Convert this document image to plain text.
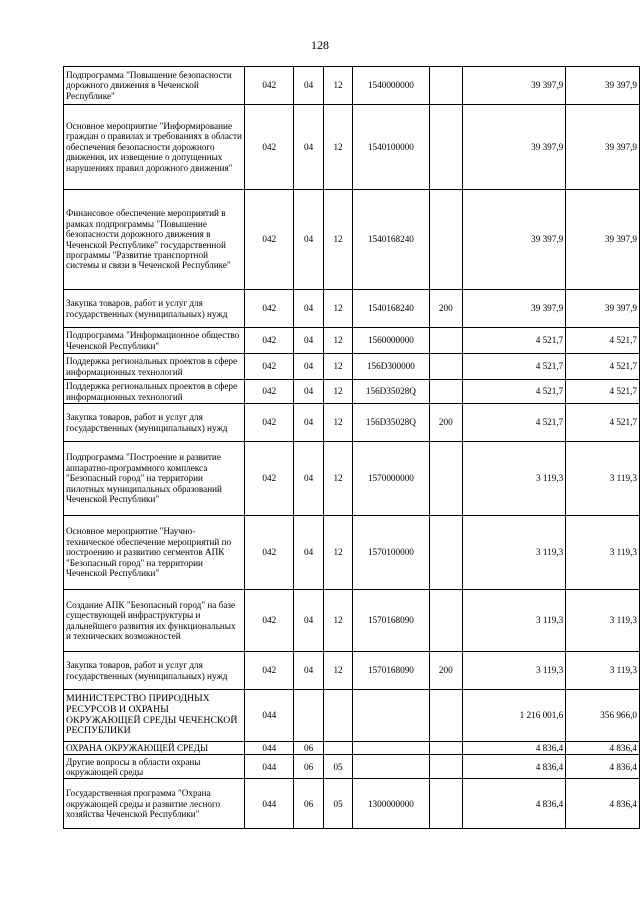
128
Подпрограмма "Повышение безопасности дорожного движения в Чеченской Республике"	042	04	12	1540000000		39 397,9	39 397,9
Основное мероприятие "Информирование граждан о правилах и требованиях в области обеспечения безопасности дорожного движения, их извещение о допущенных нарушениях правил дорожного движения"	042	04	12	1540100000		39 397,9	39 397,9
Финансовое обеспечение мероприятий в рамках подпрограммы "Повышение безопасности дорожного движения в Чеченской Республике" государственной программы "Развитие транспортной системы и связи в Чеченской Республике"	042	04	12	1540168240		39 397,9	39 397,9
Закупка товаров, работ и услуг для государственных (муниципальных) нужд	042	04	12	1540168240	200	39 397,9	39 397,9
Подпрограмма "Информационное общество Чеченской Республики"	042	04	12	1560000000		4 521,7	4 521,7
Поддержка региональных проектов в сфере информационных технологий	042	04	12	156D300000		4 521,7	4 521,7
Поддержка региональных проектов в сфере информационных технологий	042	04	12	156D35028Q		4 521,7	4 521,7
Закупка товаров, работ и услуг для государственных (муниципальных) нужд	042	04	12	156D35028Q	200	4 521,7	4 521,7
Подпрограмма "Построение и развитие аппаратно-программного комплекса "Безопасный город" на территории пилотных муниципальных образований Чеченской Республики"	042	04	12	1570000000		3 119,3	3 119,3
Основное мероприятие "Научно-техническое обеспечение мероприятий по построению и развитию сегментов АПК "Безопасный город" на территории Чеченской Республики"	042	04	12	1570100000		3 119,3	3 119,3
Создание АПК "Безопасный город" на базе существующей инфраструктуры и дальнейшего развития их функциональных и технических возможностей	042	04	12	1570168090		3 119,3	3 119,3
Закупка товаров, работ и услуг для государственных (муниципальных) нужд	042	04	12	1570168090	200	3 119,3	3 119,3
МИНИСТЕРСТВО ПРИРОДНЫХ РЕСУРСОВ И ОХРАНЫ ОКРУЖАЮЩЕЙ СРЕДЫ ЧЕЧЕНСКОЙ РЕСПУБЛИКИ	044					1 216 001,6	356 966,0
ОХРАНА ОКРУЖАЮЩЕЙ СРЕДЫ	044	06				4 836,4	4 836,4
Другие вопросы в области охраны окружающей среды	044	06	05			4 836,4	4 836,4
Государственная программа "Охрана окружающей среды и развитие лесного хозяйства Чеченской Республики"	044	06	05	1300000000		4 836,4	4 836,4
